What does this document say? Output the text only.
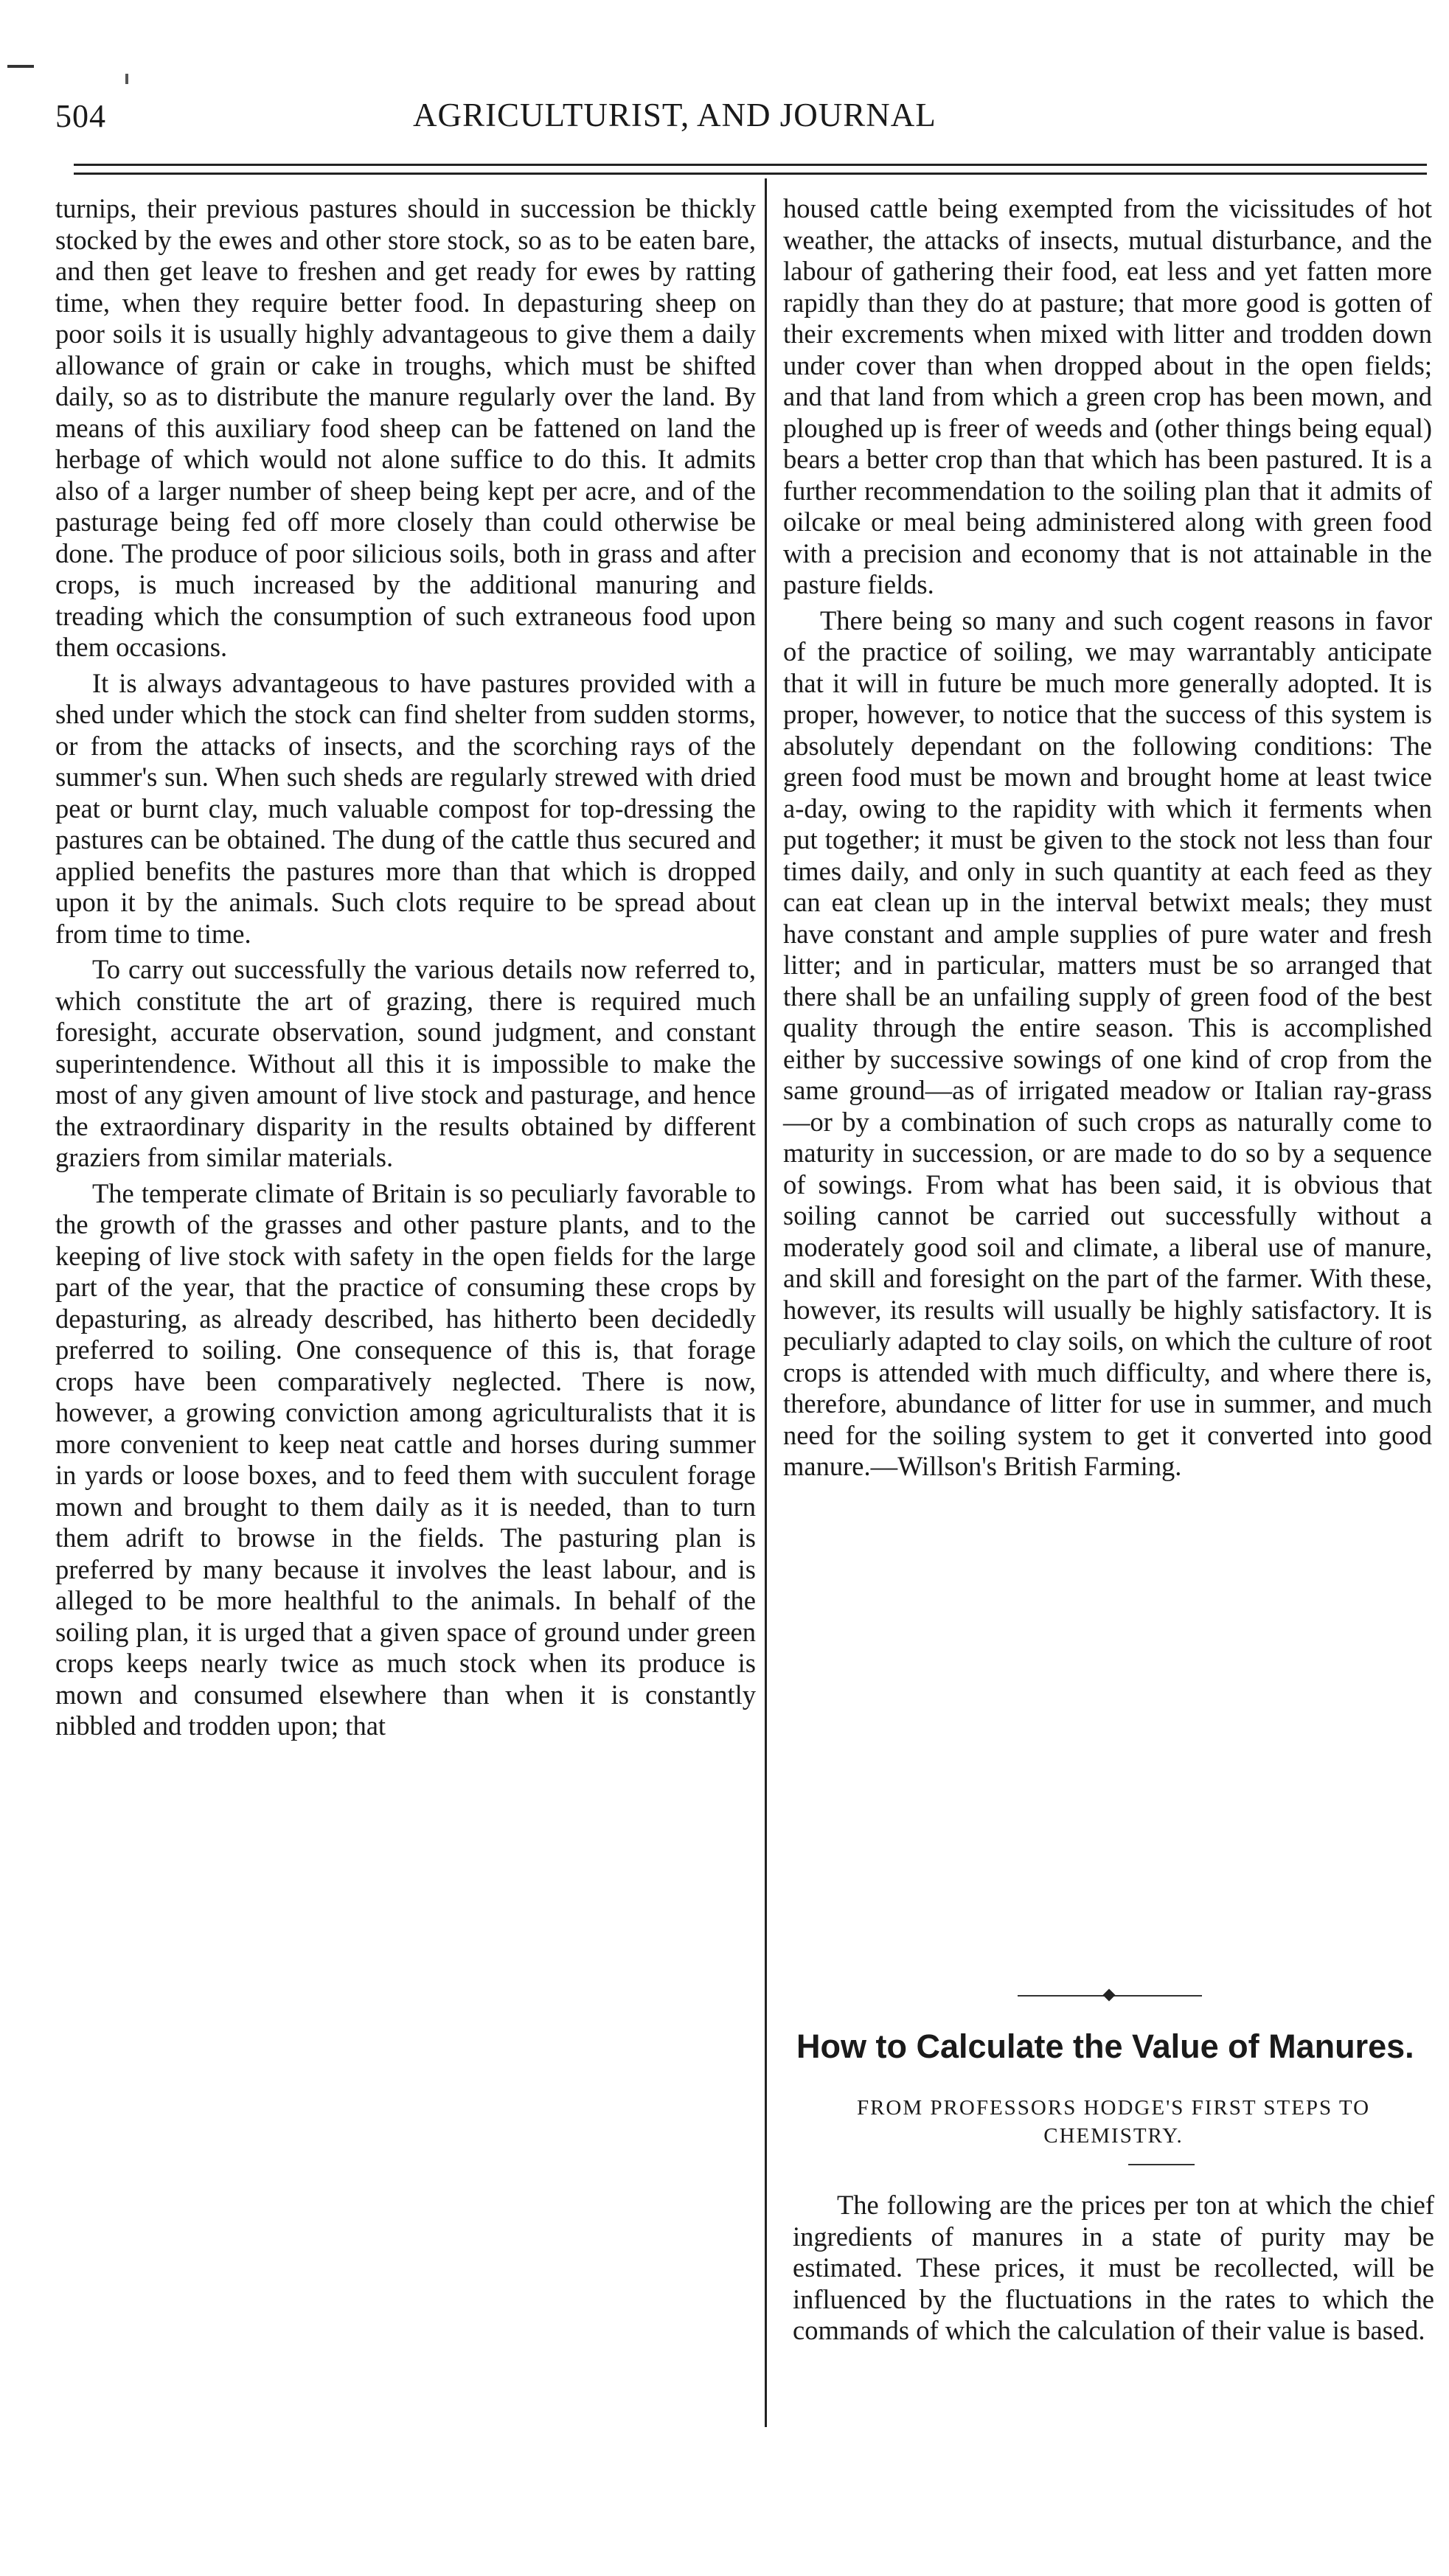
504	AGRICULTURIST, AND JOURNAL

turnips, their previous pastures should in succession be thickly stocked by the ewes and other store stock, so as to be eaten bare, and then get leave to freshen and get ready for ewes by ratting time, when they require better food. In depasturing sheep on poor soils it is usually highly advantageous to give them a daily allowance of grain or cake in troughs, which must be shifted daily, so as to distribute the manure regularly over the land. By means of this auxiliary food sheep can be fattened on land the herbage of which would not alone suffice to do this. It admits also of a larger number of sheep being kept per acre, and of the pasturage being fed off more closely than could otherwise be done. The produce of poor silicious soils, both in grass and after crops, is much increased by the additional manuring and treading which the consumption of such extraneous food upon them occasions.

It is always advantageous to have pastures provided with a shed under which the stock can find shelter from sudden storms, or from the attacks of insects, and the scorching rays of the summer's sun. When such sheds are regularly strewed with dried peat or burnt clay, much valuable compost for top-dressing the pastures can be obtained. The dung of the cattle thus secured and applied benefits the pastures more than that which is dropped upon it by the animals. Such clots require to be spread about from time to time.

To carry out successfully the various details now referred to, which constitute the art of grazing, there is required much foresight, accurate observation, sound judgment, and constant superintendence. Without all this it is impossible to make the most of any given amount of live stock and pasturage, and hence the extraordinary disparity in the results obtained by different graziers from similar materials.

The temperate climate of Britain is so peculiarly favorable to the growth of the grasses and other pasture plants, and to the keeping of live stock with safety in the open fields for the large part of the year, that the practice of consuming these crops by depasturing, as already described, has hitherto been decidedly preferred to soiling. One consequence of this is, that forage crops have been comparatively neglected. There is now, however, a growing conviction among agriculturalists that it is more convenient to keep neat cattle and horses during summer in yards or loose boxes, and to feed them with succulent forage mown and brought to them daily as it is needed, than to turn them adrift to browse in the fields. The pasturing plan is preferred by many because it involves the least labour, and is alleged to be more healthful to the animals. In behalf of the soiling plan, it is urged that a given space of ground under green crops keeps nearly twice as much stock when its produce is mown and consumed elsewhere than when it is constantly nibbled and trodden upon; that

housed cattle being exempted from the vicissitudes of hot weather, the attacks of insects, mutual disturbance, and the labour of gathering their food, eat less and yet fatten more rapidly than they do at pasture; that more good is gotten of their excrements when mixed with litter and trodden down under cover than when dropped about in the open fields; and that land from which a green crop has been mown, and ploughed up is freer of weeds and (other things being equal) bears a better crop than that which has been pastured. It is a further recommendation to the soiling plan that it admits of oilcake or meal being administered along with green food with a precision and economy that is not attainable in the pasture fields.

There being so many and such cogent reasons in favor of the practice of soiling, we may warrantably anticipate that it will in future be much more generally adopted. It is proper, however, to notice that the success of this system is absolutely dependant on the following conditions: The green food must be mown and brought home at least twice a-day, owing to the rapidity with which it ferments when put together; it must be given to the stock not less than four times daily, and only in such quantity at each feed as they can eat clean up in the interval betwixt meals; they must have constant and ample supplies of pure water and fresh litter; and in particular, matters must be so arranged that there shall be an unfailing supply of green food of the best quality through the entire season. This is accomplished either by successive sowings of one kind of crop from the same ground—as of irrigated meadow or Italian ray-grass—or by a combination of such crops as naturally come to maturity in succession, or are made to do so by a sequence of sowings. From what has been said, it is obvious that soiling cannot be carried out successfully without a moderately good soil and climate, a liberal use of manure, and skill and foresight on the part of the farmer. With these, however, its results will usually be highly satisfactory. It is peculiarly adapted to clay soils, on which the culture of root crops is attended with much difficulty, and where there is, therefore, abundance of litter for use in summer, and much need for the soiling system to get it converted into good manure.—Willson's British Farming.

How to Calculate the Value of Manures.
FROM PROFESSORS HODGE'S FIRST STEPS TO CHEMISTRY.

The following are the prices per ton at which the chief ingredients of manures in a state of purity may be estimated. These prices, it must be recollected, will be influenced by the fluctuations in the rates to which the commands of which the calculation of their value is based.
